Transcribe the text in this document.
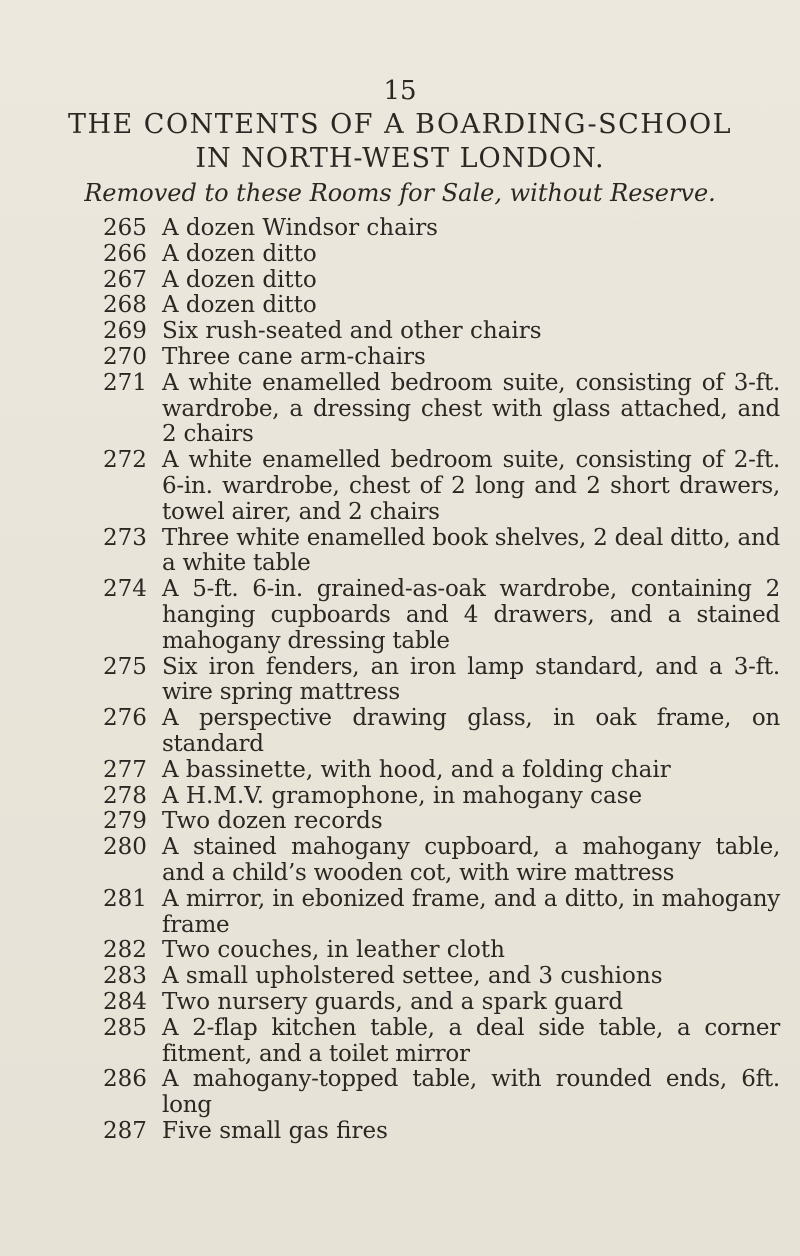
15
THE CONTENTS OF A BOARDING-SCHOOL
IN NORTH-WEST LONDON.
Removed to these Rooms for Sale, without Reserve.
265 A dozen Windsor chairs
266 A dozen ditto
267 A dozen ditto
268 A dozen ditto
269 Six rush-seated and other chairs
270 Three cane arm-chairs
271 A white enamelled bedroom suite, consisting of 3-ft. wardrobe, a dressing chest with glass attached, and 2 chairs
272 A white enamelled bedroom suite, consisting of 2-ft. 6-in. wardrobe, chest of 2 long and 2 short drawers, towel airer, and 2 chairs
273 Three white enamelled book shelves, 2 deal ditto, and a white table
274 A 5-ft. 6-in. grained-as-oak wardrobe, containing 2 hanging cupboards and 4 drawers, and a stained mahogany dressing table
275 Six iron fenders, an iron lamp standard, and a 3-ft. wire spring mattress
276 A perspective drawing glass, in oak frame, on standard
277 A bassinette, with hood, and a folding chair
278 A H.M.V. gramophone, in mahogany case
279 Two dozen records
280 A stained mahogany cupboard, a mahogany table, and a child’s wooden cot, with wire mattress
281 A mirror, in ebonized frame, and a ditto, in mahogany frame
282 Two couches, in leather cloth
283 A small upholstered settee, and 3 cushions
284 Two nursery guards, and a spark guard
285 A 2-flap kitchen table, a deal side table, a corner fitment, and a toilet mirror
286 A mahogany-topped table, with rounded ends, 6ft. long
287 Five small gas fires
